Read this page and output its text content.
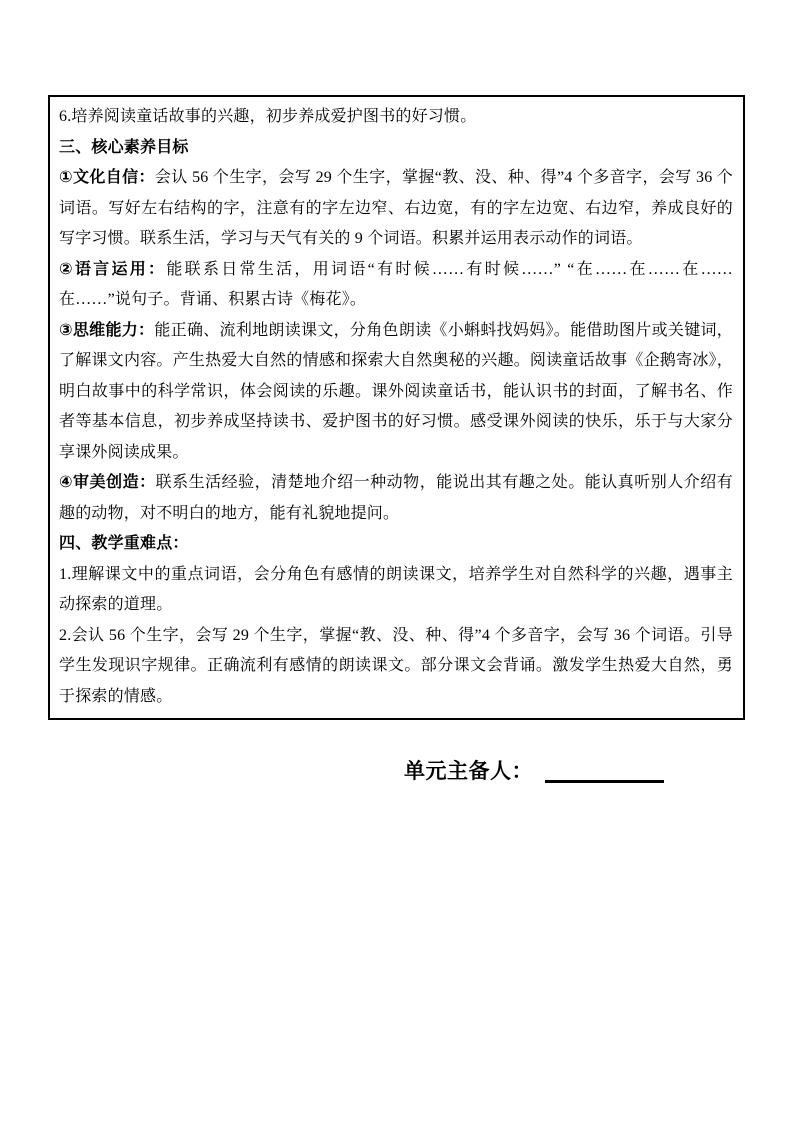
6.培养阅读童话故事的兴趣，初步养成爱护图书的好习惯。

三、核心素养目标

①文化自信：会认 56 个生字，会写 29 个生字，掌握“教、没、种、得”4 个多音字，会写 36 个词语。写好左右结构的字，注意有的字左边窄、右边宽，有的字左边宽、右边窄，养成良好的写字习惯。联系生活，学习与天气有关的 9 个词语。积累并运用表示动作的词语。

②语言运用：能联系日常生活，用词语“有时候……有时候……” “在……在……在……在……”说句子。背诵、积累古诗《梅花》。

③思维能力：能正确、流利地朗读课文，分角色朗读《小蝌蚪找妈妈》。能借助图片或关键词，了解课文内容。产生热爱大自然的情感和探索大自然奥秘的兴趣。阅读童话故事《企鹅寄冰》，明白故事中的科学常识，体会阅读的乐趣。课外阅读童话书，能认识书的封面，了解书名、作者等基本信息，初步养成坚持读书、爱护图书的好习惯。感受课外阅读的快乐，乐于与大家分享课外阅读成果。

④审美创造：联系生活经验，清楚地介绍一种动物，能说出其有趣之处。能认真听别人介绍有趣的动物，对不明白的地方，能有礼貌地提问。

四、教学重难点：

1.理解课文中的重点词语，会分角色有感情的朗读课文，培养学生对自然科学的兴趣，遇事主动探索的道理。

2.会认 56 个生字，会写 29 个生字，掌握“教、没、种、得”4 个多音字，会写 36 个词语。引导学生发现识字规律。正确流利有感情的朗读课文。部分课文会背诵。激发学生热爱大自然，勇于探索的情感。

单元主备人：
